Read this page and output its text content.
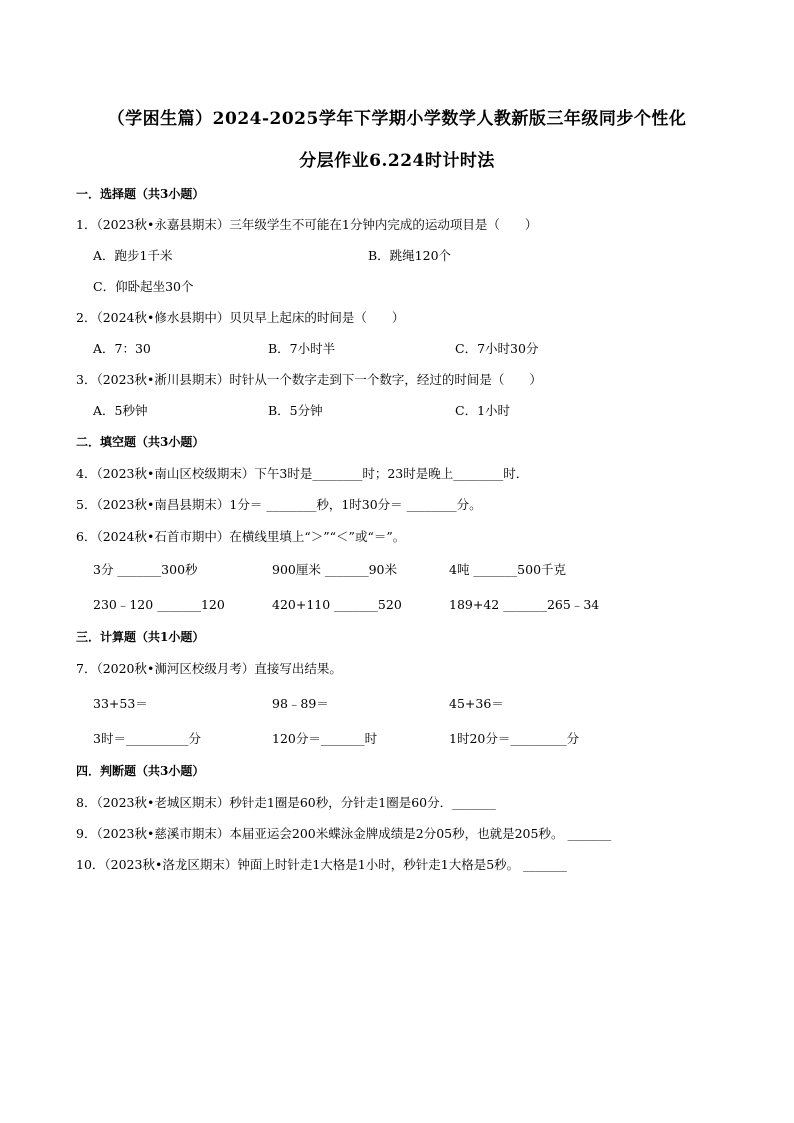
（学困生篇）2024-2025学年下学期小学数学人教新版三年级同步个性化
分层作业6.224时计时法
一．选择题（共3小题）
1．（2023秋•永嘉县期末）三年级学生不可能在1分钟内完成的运动项目是（　　）
A．跑步1千米	B．跳绳120个
C．仰卧起坐30个
2．（2024秋•修水县期中）贝贝早上起床的时间是（　　）
A．7：30	B．7小时半	C．7小时30分
3．（2023秋•淅川县期末）时针从一个数字走到下一个数字，经过的时间是（　　）
A．5秒钟	B．5分钟	C．1小时
二．填空题（共3小题）
4．（2023秋•南山区校级期末）下午3时是________时；23时是晚上________时．
5．（2023秋•南昌县期末）1分＝ ________秒，1时30分＝ ________分。
6．（2024秋•石首市期中）在横线里填上“＞”“＜”或“＝”。
3分 _______300秒	900厘米 _______90米	4吨 _______500千克
230﹣120 _______120	420+110 _______520	189+42 _______265﹣34
三．计算题（共1小题）
7．（2020秋•浉河区校级月考）直接写出结果。
33+53＝	98﹣89＝	45+36＝
3时＝__________分	120分＝_______时	1时20分＝_________分
四．判断题（共3小题）
8．（2023秋•老城区期末）秒针走1圈是60秒，分针走1圈是60分．_______
9．（2023秋•慈溪市期末）本届亚运会200米蝶泳金牌成绩是2分05秒，也就是205秒。 _______
10．（2023秋•洛龙区期末）钟面上时针走1大格是1小时，秒针走1大格是5秒。 _______
